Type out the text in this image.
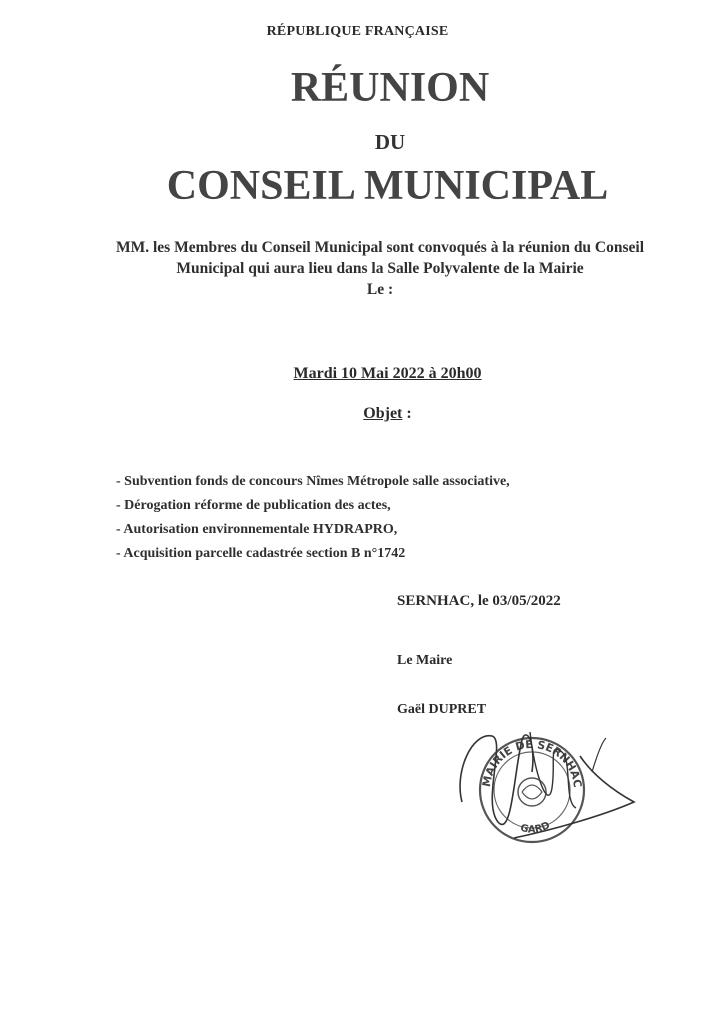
RÉPUBLIQUE FRANÇAISE
RÉUNION
DU
CONSEIL MUNICIPAL
MM. les Membres du Conseil Municipal sont convoqués à la réunion du Conseil
Municipal qui aura lieu dans la Salle Polyvalente de la Mairie
Le :
Mardi 10 Mai 2022 à 20h00
Objet :
- Subvention fonds de concours Nîmes Métropole salle associative,
- Dérogation réforme de publication des actes,
- Autorisation environnementale HYDRAPRO,
- Acquisition parcelle cadastrée section B n°1742
SERNHAC, le 03/05/2022
Le Maire
Gaël DUPRET
MAIRIE DE SERNHAC
GARD
